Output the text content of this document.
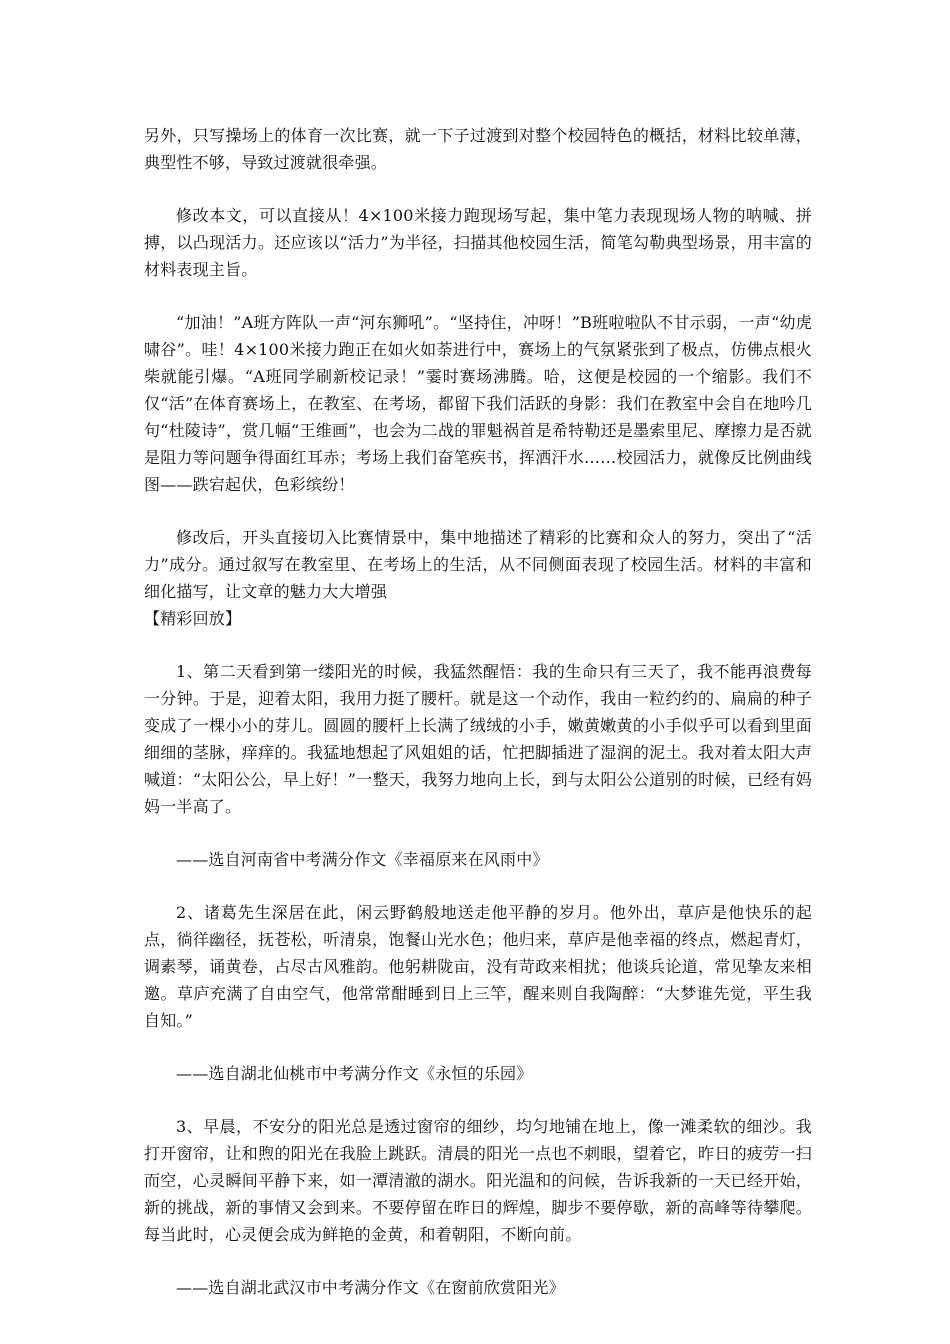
另外，只写操场上的体育一次比赛，就一下子过渡到对整个校园特色的概括，材料比较单薄，典型性不够，导致过渡就很牵强。

修改本文，可以直接从！4×100米接力跑现场写起，集中笔力表现现场人物的呐喊、拼搏，以凸现活力。还应该以“活力”为半径，扫描其他校园生活，简笔勾勒典型场景，用丰富的材料表现主旨。

“加油！”A班方阵队一声“河东狮吼”。“坚持住，冲呀！”B班啦啦队不甘示弱，一声“幼虎啸谷”。哇！4×100米接力跑正在如火如荼进行中，赛场上的气氛紧张到了极点，仿佛点根火柴就能引爆。“A班同学刷新校记录！”霎时赛场沸腾。哈，这便是校园的一个缩影。我们不仅“活”在体育赛场上，在教室、在考场，都留下我们活跃的身影：我们在教室中会自在地吟几句“杜陵诗”，赏几幅“王维画”，也会为二战的罪魁祸首是希特勒还是墨索里尼、摩擦力是否就是阻力等问题争得面红耳赤；考场上我们奋笔疾书，挥洒汗水……校园活力，就像反比例曲线图——跌宕起伏，色彩缤纷！

修改后，开头直接切入比赛情景中，集中地描述了精彩的比赛和众人的努力，突出了“活力”成分。通过叙写在教室里、在考场上的生活，从不同侧面表现了校园生活。材料的丰富和细化描写，让文章的魅力大大增强

【精彩回放】

1、第二天看到第一缕阳光的时候，我猛然醒悟：我的生命只有三天了，我不能再浪费每一分钟。于是，迎着太阳，我用力挺了腰杆。就是这一个动作，我由一粒约约的、扁扁的种子变成了一棵小小的芽儿。圆圆的腰杆上长满了绒绒的小手，嫩黄嫩黄的小手似乎可以看到里面细细的茎脉，痒痒的。我猛地想起了风姐姐的话，忙把脚插进了湿润的泥土。我对着太阳大声喊道：“太阳公公，早上好！”一整天，我努力地向上长，到与太阳公公道别的时候，已经有妈妈一半高了。

——选自河南省中考满分作文《幸福原来在风雨中》

2、诸葛先生深居在此，闲云野鹤般地送走他平静的岁月。他外出，草庐是他快乐的起点，徜徉幽径，抚苍松，听清泉，饱餐山光水色；他归来，草庐是他幸福的终点，燃起青灯，调素琴，诵黄卷，占尽古风雅韵。他躬耕陇亩，没有苛政来相扰；他谈兵论道，常见挚友来相邀。草庐充满了自由空气，他常常酣睡到日上三竿，醒来则自我陶醉：“大梦谁先觉，平生我自知。”

——选自湖北仙桃市中考满分作文《永恒的乐园》

3、早晨，不安分的阳光总是透过窗帘的细纱，均匀地铺在地上，像一滩柔软的细沙。我打开窗帘，让和煦的阳光在我脸上跳跃。清晨的阳光一点也不刺眼，望着它，昨日的疲劳一扫而空，心灵瞬间平静下来，如一潭清澈的湖水。阳光温和的问候，告诉我新的一天已经开始，新的挑战，新的事情又会到来。不要停留在昨日的辉煌，脚步不要停歇，新的高峰等待攀爬。每当此时，心灵便会成为鲜艳的金黄，和着朝阳，不断向前。

——选自湖北武汉市中考满分作文《在窗前欣赏阳光》
